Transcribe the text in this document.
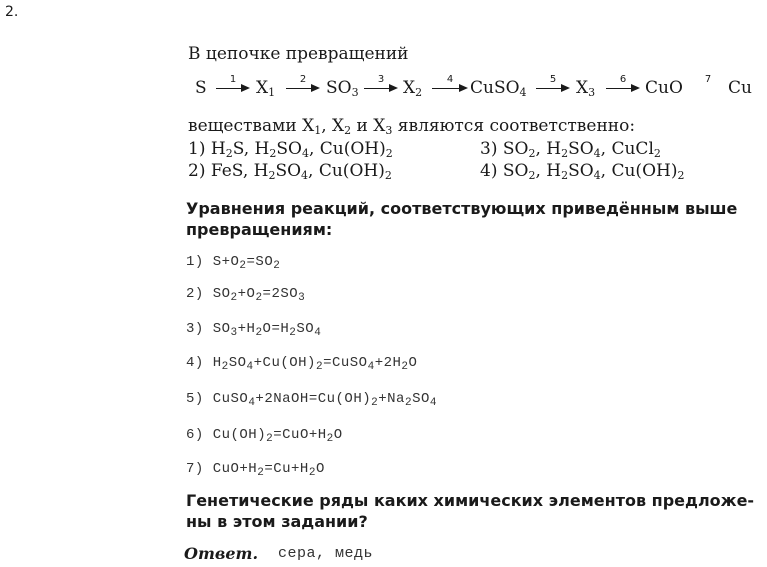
2.
В цепочке превращений
S	1	$X_1$
2	$SO_3$
3	$X_2$
4 CuSO$_4$
5	$X_3$
6	CuO	7 Cu
веществами $X_1$, $X_2$ и $X_3$ являются соответственно:
1) $H_2S$, $H_2SO_4$, $Cu(OH)_2$	3) $SO_2$, $H_2SO_4$, CuCl$_2$
2) FeS, $H_2SO_4$, $Cu(OH)_2$	4) $SO_2$, $H_2SO_4$, $Cu(OH)_2$
Уравнения реакций, соответствующих приведённым выше
превращениям:
1) $S+O_2=SO_2$
2) $SO_2+O_2=2SO_3$
3) $SO_3+H_2O=H_2SO_4$
4) $H_2SO_4+Cu(OH)_2=CuSO_4+2H_2O$
5) $CuSO_4+2NaOH=Cu(OH)_2+Na_2SO_4$
6) $Cu(OH)_2=CuO+H_2O$
7) $CuO+H_2=Cu+H_2O$
Генетические ряды каких химических элементов предложе-
ны в этом задании?
Ответ. сера, медь
